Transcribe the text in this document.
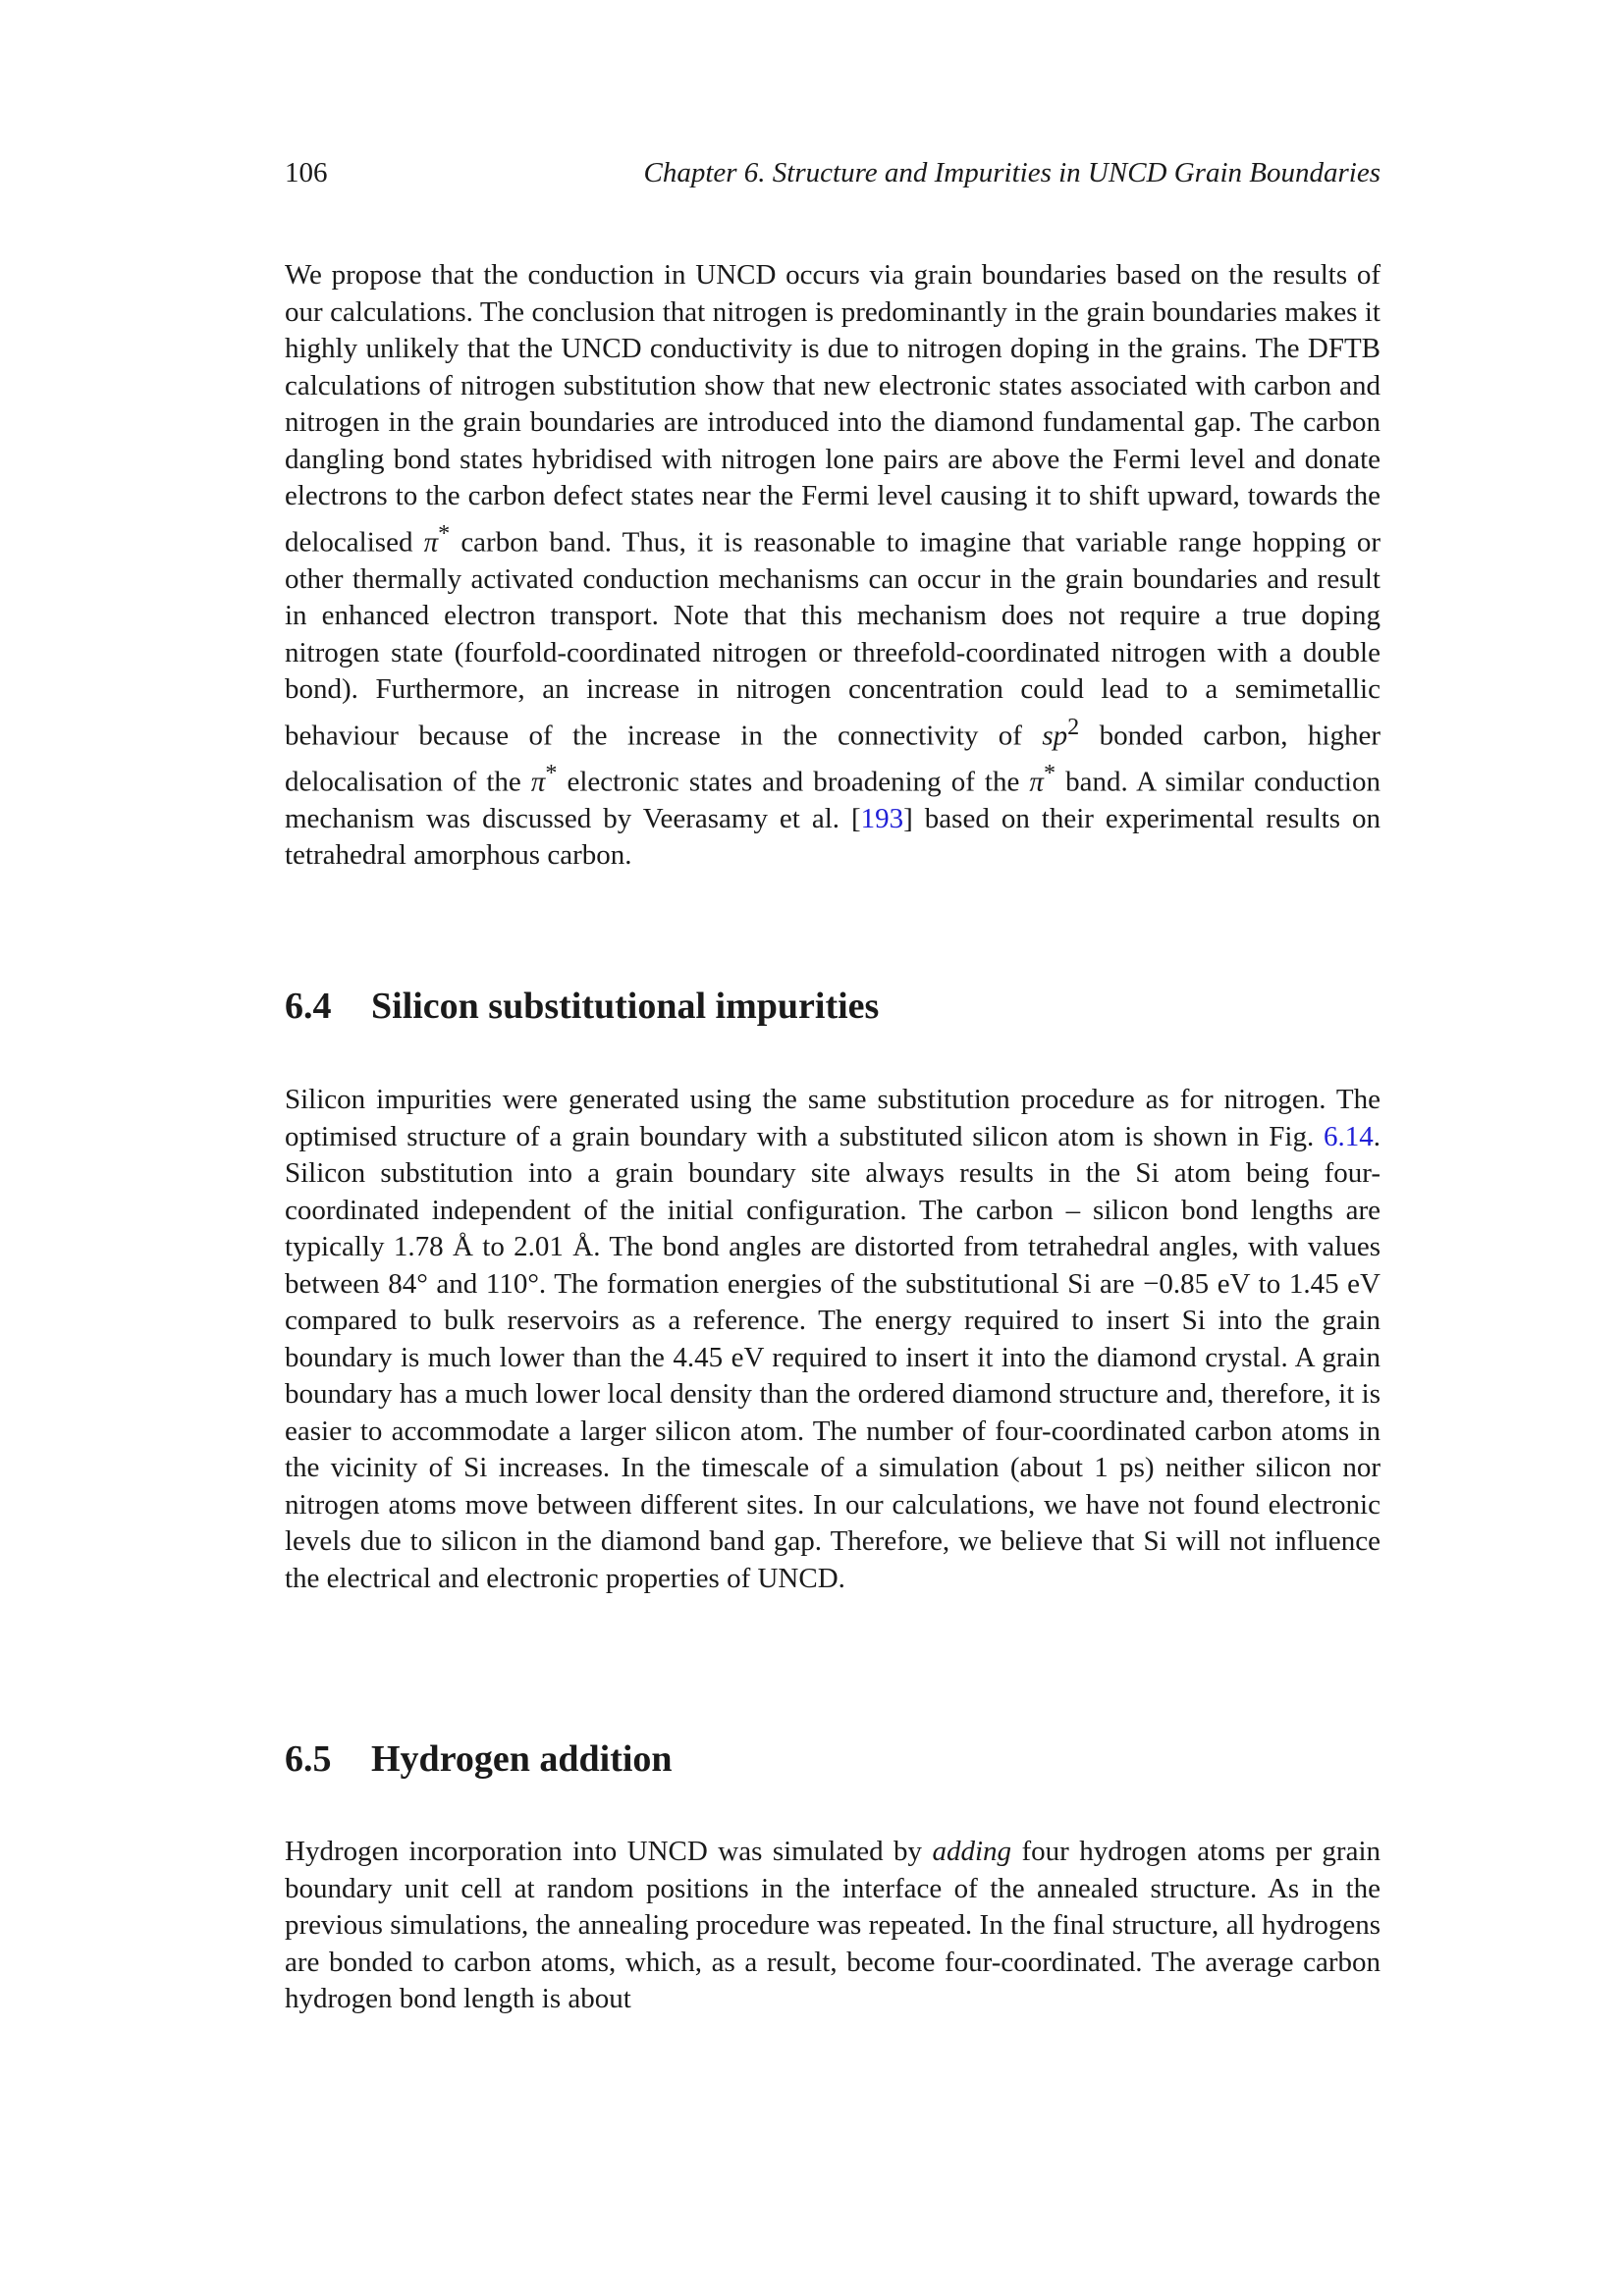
106	Chapter 6. Structure and Impurities in UNCD Grain Boundaries

We propose that the conduction in UNCD occurs via grain boundaries based on the results of our calculations. The conclusion that nitrogen is predominantly in the grain boundaries makes it highly unlikely that the UNCD conductivity is due to nitrogen doping in the grains. The DFTB calculations of nitrogen substitution show that new electronic states associated with carbon and nitrogen in the grain boundaries are introduced into the diamond fundamental gap. The carbon dangling bond states hybridised with nitrogen lone pairs are above the Fermi level and donate electrons to the carbon defect states near the Fermi level causing it to shift upward, towards the delocalised π* carbon band. Thus, it is reasonable to imagine that variable range hopping or other thermally activated conduction mechanisms can occur in the grain boundaries and result in enhanced electron transport. Note that this mechanism does not require a true doping nitrogen state (fourfold-coordinated nitrogen or threefold-coordinated nitrogen with a double bond). Furthermore, an increase in nitrogen concentration could lead to a semimetallic behaviour because of the increase in the connectivity of $sp^2$ bonded carbon, higher delocalisation of the π* electronic states and broadening of the π* band. A similar conduction mechanism was discussed by Veerasamy et al. [193] based on their experimental results on tetrahedral amorphous carbon.

6.4 Silicon substitutional impurities

Silicon impurities were generated using the same substitution procedure as for nitrogen. The optimised structure of a grain boundary with a substituted silicon atom is shown in Fig. 6.14. Silicon substitution into a grain boundary site always results in the Si atom being four-coordinated independent of the initial configuration. The carbon – silicon bond lengths are typically 1.78 Å to 2.01 Å. The bond angles are distorted from tetrahedral angles, with values between 84° and 110°. The formation energies of the substitutional Si are −0.85 eV to 1.45 eV compared to bulk reservoirs as a reference. The energy required to insert Si into the grain boundary is much lower than the 4.45 eV required to insert it into the diamond crystal. A grain boundary has a much lower local density than the ordered diamond structure and, therefore, it is easier to accommodate a larger silicon atom. The number of four-coordinated carbon atoms in the vicinity of Si increases. In the timescale of a simulation (about 1 ps) neither silicon nor nitrogen atoms move between different sites. In our calculations, we have not found electronic levels due to silicon in the diamond band gap. Therefore, we believe that Si will not influence the electrical and electronic properties of UNCD.

6.5 Hydrogen addition

Hydrogen incorporation into UNCD was simulated by adding four hydrogen atoms per grain boundary unit cell at random positions in the interface of the annealed structure. As in the previous simulations, the annealing procedure was repeated. In the final structure, all hydrogens are bonded to carbon atoms, which, as a result, become four-coordinated. The average carbon hydrogen bond length is about
